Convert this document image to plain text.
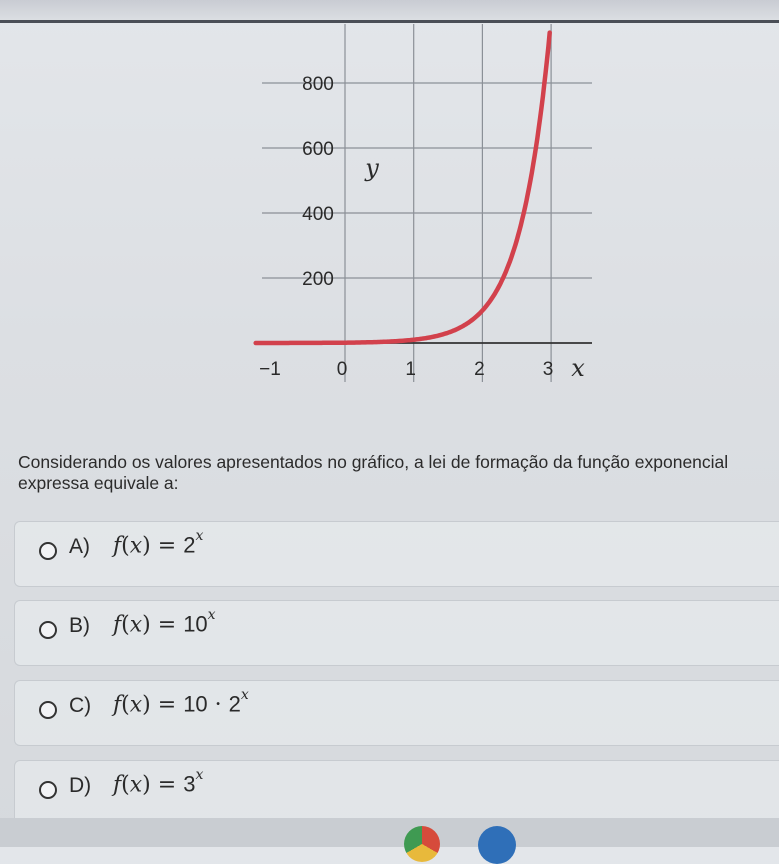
−1	0	1	2	3
200
400
600
800
x
y
Considerando os valores apresentados no gráfico, a lei de formação da função exponencial expressa equivale a:
A) $f(x) = 2^x$
B) $f(x) = 10^x$
C) $f(x) = 10 \cdot 2^x$
D) $f(x) = 3^x$
